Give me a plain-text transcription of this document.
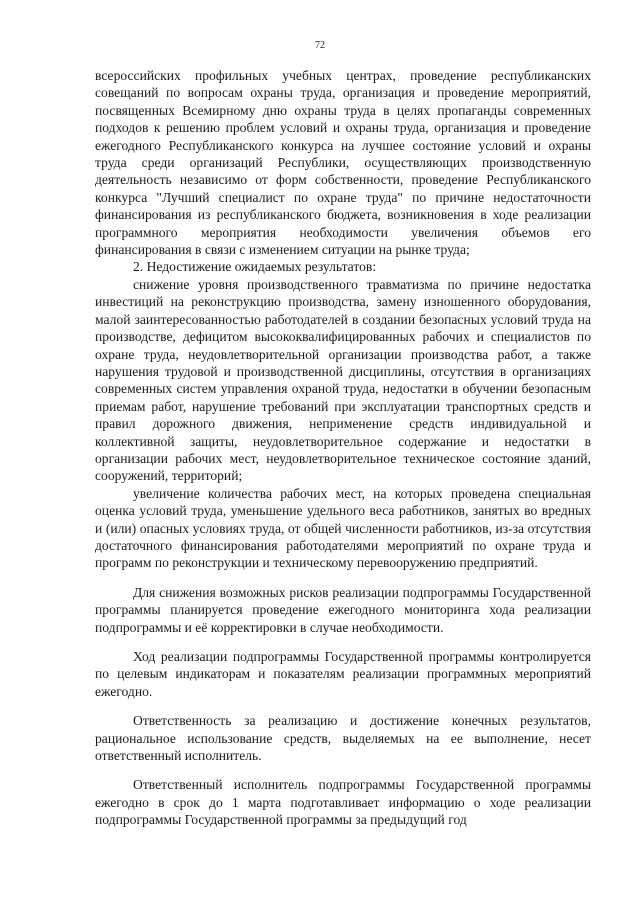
72

всероссийских профильных учебных центрах, проведение республиканских совещаний по вопросам охраны труда, организация и проведение мероприятий, посвященных Всемирному дню охраны труда в целях пропаганды современных подходов к решению проблем условий и охраны труда, организация и проведение ежегодного Республиканского конкурса на лучшее состояние условий и охраны труда среди организаций Республики, осуществляющих производственную деятельность независимо от форм собственности, проведение Республиканского конкурса "Лучший специалист по охране труда" по причине недостаточности финансирования из республиканского бюджета, возникновения в ходе реализации программного мероприятия необходимости увеличения объемов его финансирования в связи с изменением ситуации на рынке труда;

2. Недостижение ожидаемых результатов:

снижение уровня производственного травматизма по причине недостатка инвестиций на реконструкцию производства, замену изношенного оборудования, малой заинтересованностью работодателей в создании безопасных условий труда на производстве, дефицитом высококвалифицированных рабочих и специалистов по охране труда, неудовлетворительной организации производства работ, а также нарушения трудовой и производственной дисциплины, отсутствия в организациях современных систем управления охраной труда, недостатки в обучении безопасным приемам работ, нарушение требований при эксплуатации транспортных средств и правил дорожного движения, неприменение средств индивидуальной и коллективной защиты, неудовлетворительное содержание и недостатки в организации рабочих мест, неудовлетворительное техническое состояние зданий, сооружений, территорий;

увеличение количества рабочих мест, на которых проведена специальная оценка условий труда, уменьшение удельного веса работников, занятых во вредных и (или) опасных условиях труда, от общей численности работников, из-за отсутствия достаточного финансирования работодателями мероприятий по охране труда и программ по реконструкции и техническому перевооружению предприятий.

Для снижения возможных рисков реализации подпрограммы Государственной программы планируется проведение ежегодного мониторинга хода реализации подпрограммы и её корректировки в случае необходимости.

Ход реализации подпрограммы Государственной программы контролируется по целевым индикаторам и показателям реализации программных мероприятий ежегодно.

Ответственность за реализацию и достижение конечных результатов, рациональное использование средств, выделяемых на ее выполнение, несет ответственный исполнитель.

Ответственный исполнитель подпрограммы Государственной программы ежегодно в срок до 1 марта подготавливает информацию о ходе реализации подпрограммы Государственной программы за предыдущий год
